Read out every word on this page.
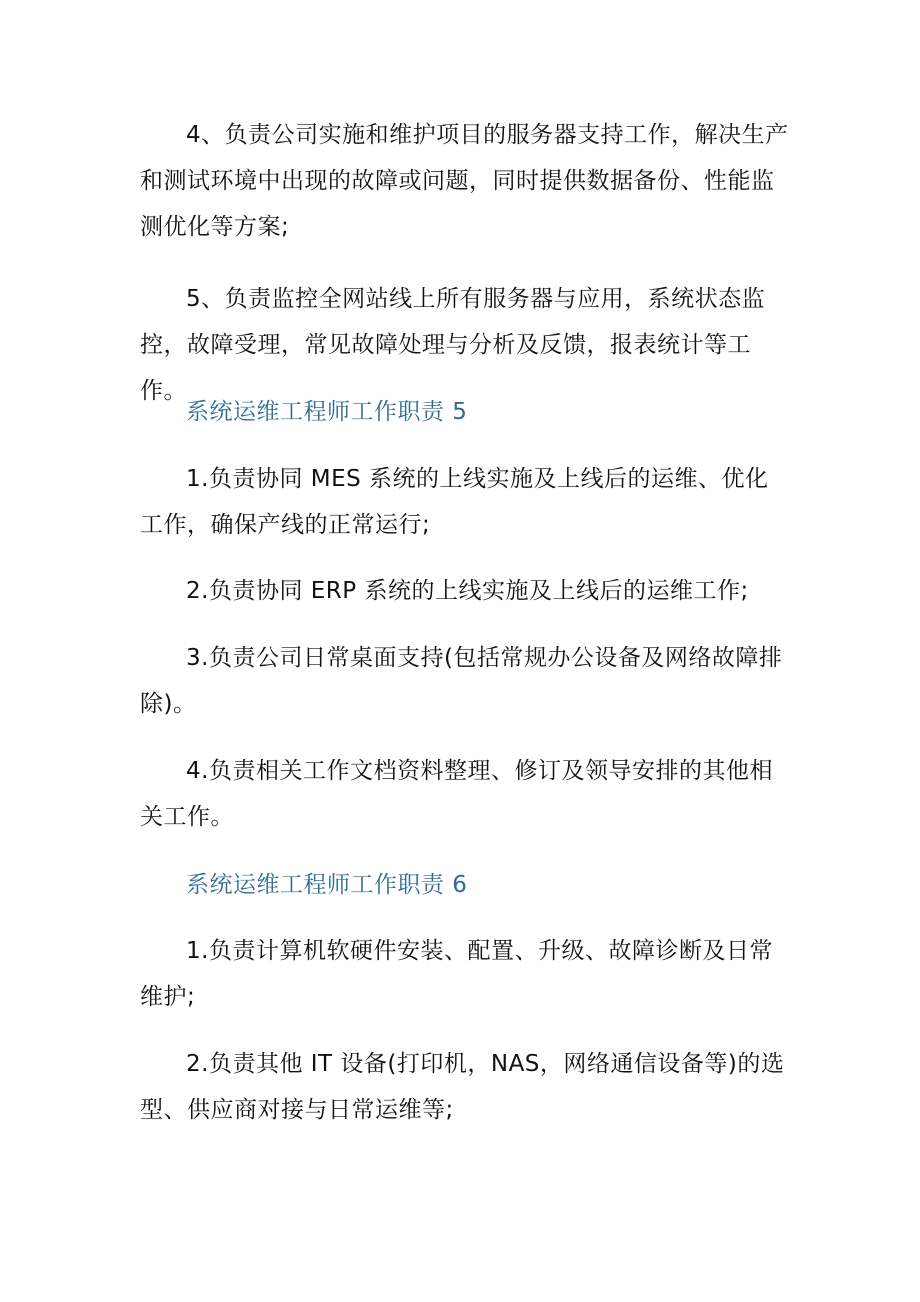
4、负责公司实施和维护项目的服务器支持工作，解决生产和测试环境中出现的故障或问题，同时提供数据备份、性能监测优化等方案;

5、负责监控全网站线上所有服务器与应用，系统状态监控，故障受理，常见故障处理与分析及反馈，报表统计等工作。

系统运维工程师工作职责 5

1.负责协同 MES 系统的上线实施及上线后的运维、优化工作，确保产线的正常运行;

2.负责协同 ERP 系统的上线实施及上线后的运维工作;

3.负责公司日常桌面支持(包括常规办公设备及网络故障排除)。

4.负责相关工作文档资料整理、修订及领导安排的其他相关工作。

系统运维工程师工作职责 6

1.负责计算机软硬件安装、配置、升级、故障诊断及日常维护;

2.负责其他 IT 设备(打印机，NAS，网络通信设备等)的选型、供应商对接与日常运维等;
